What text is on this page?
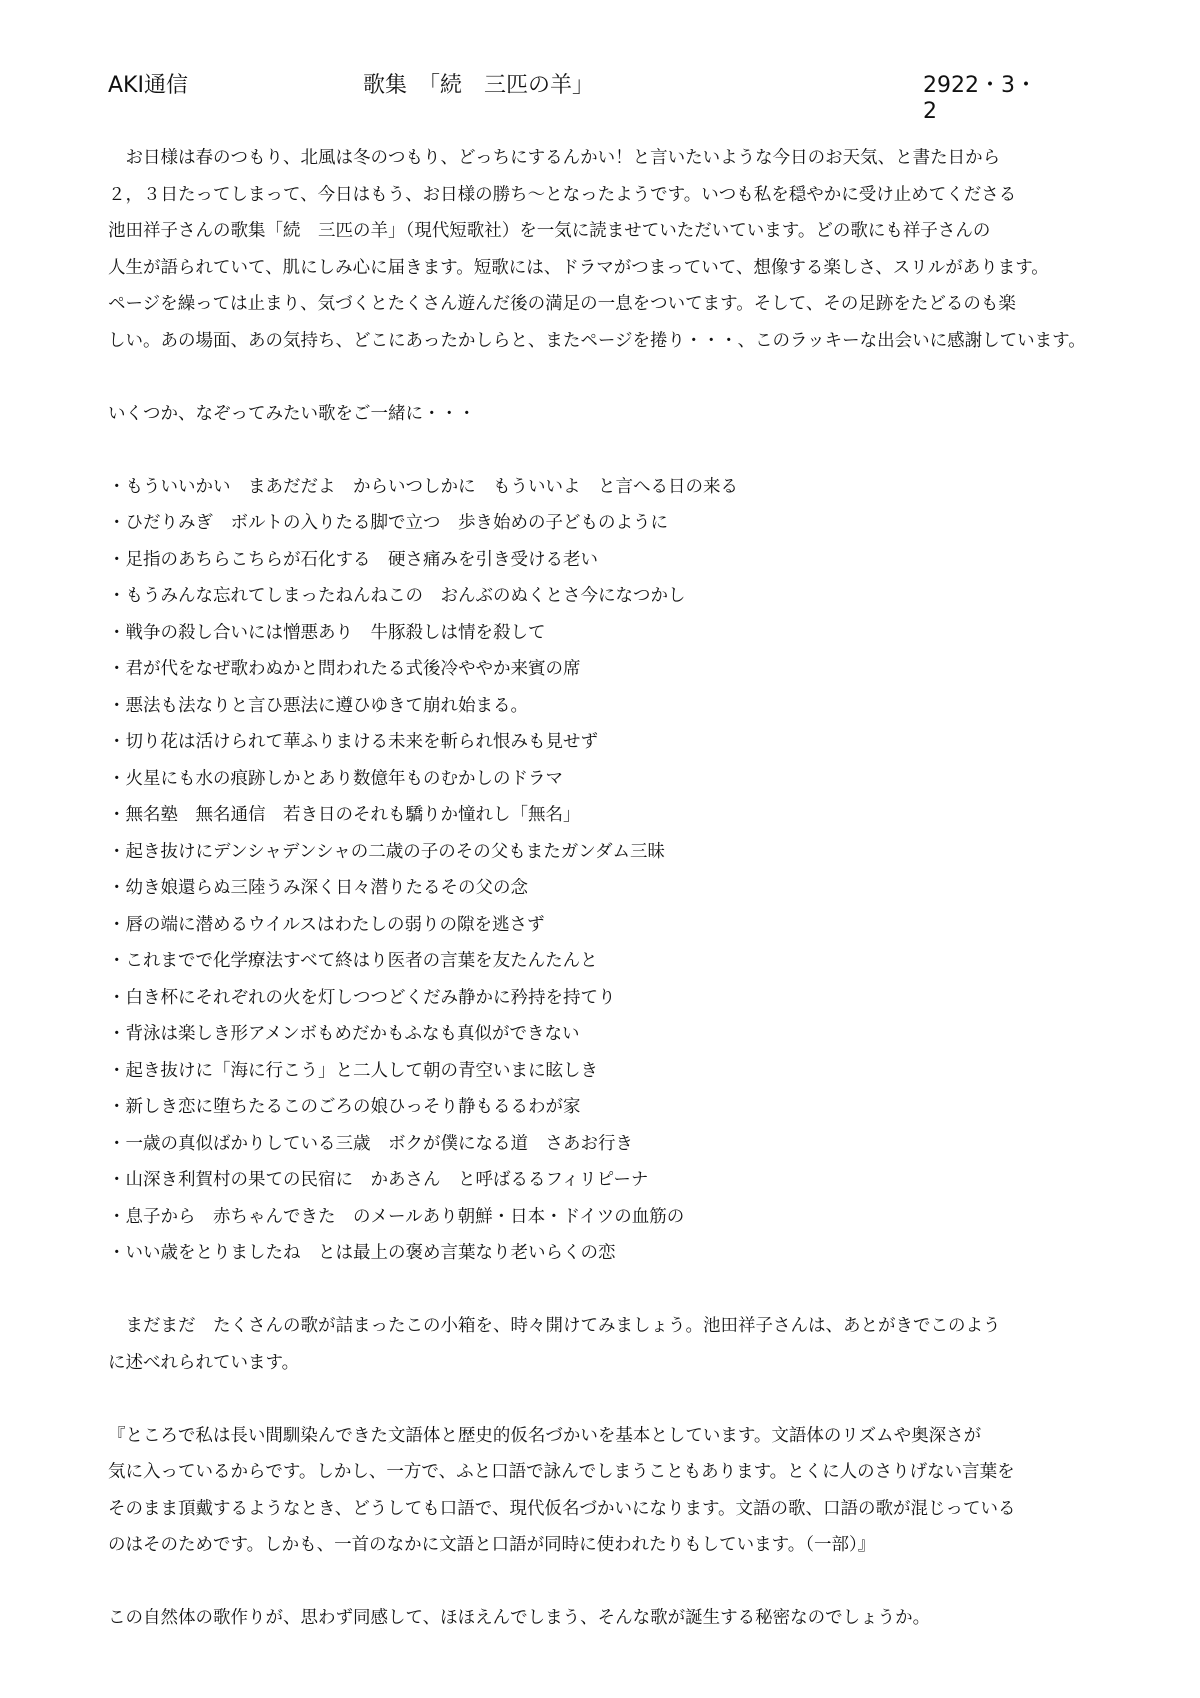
AKI通信	歌集　「続　三匹の羊」	2922・3・2
　お日様は春のつもり、北風は冬のつもり、どっちにするんかい！と言いたいような今日のお天気、と書た日から
２，３日たってしまって、今日はもう、お日様の勝ち～となったようです。いつも私を穏やかに受け止めてくださる
池田祥子さんの歌集「続　三匹の羊」（現代短歌社）を一気に読ませていただいています。どの歌にも祥子さんの
人生が語られていて、肌にしみ心に届きます。短歌には、ドラマがつまっていて、想像する楽しさ、スリルがあります。
ページを繰っては止まり、気づくとたくさん遊んだ後の満足の一息をついてます。そして、その足跡をたどるのも楽
しい。あの場面、あの気持ち、どこにあったかしらと、またページを捲り・・・、このラッキーな出会いに感謝しています。
いくつか、なぞってみたい歌をご一緒に・・・
・もういいかい　まあだだよ　からいつしかに　もういいよ　と言へる日の来る
・ひだりみぎ　ボルトの入りたる脚で立つ　歩き始めの子どものように
・足指のあちらこちらが石化する　硬さ痛みを引き受ける老い
・もうみんな忘れてしまったねんねこの　おんぶのぬくとさ今になつかし
・戦争の殺し合いには憎悪あり　牛豚殺しは情を殺して
・君が代をなぜ歌わぬかと問われたる式後冷ややか来賓の席
・悪法も法なりと言ひ悪法に遵ひゆきて崩れ始まる。
・切り花は活けられて華ふりまける未来を斬られ恨みも見せず
・火星にも水の痕跡しかとあり数億年ものむかしのドラマ
・無名塾　無名通信　若き日のそれも驕りか憧れし「無名」
・起き抜けにデンシャデンシャの二歳の子のその父もまたガンダム三昧
・幼き娘還らぬ三陸うみ深く日々潜りたるその父の念
・唇の端に潜めるウイルスはわたしの弱りの隙を逃さず
・これまでで化学療法すべて終はり医者の言葉を友たんたんと
・白き杯にそれぞれの火を灯しつつどくだみ静かに矜持を持てり
・背泳は楽しき形アメンボもめだかもふなも真似ができない
・起き抜けに「海に行こう」と二人して朝の青空いまに眩しき
・新しき恋に堕ちたるこのごろの娘ひっそり静もるるわが家
・一歳の真似ばかりしている三歳　ボクが僕になる道　さあお行き
・山深き利賀村の果ての民宿に　かあさん　と呼ばるるフィリピーナ
・息子から　赤ちゃんできた　のメールあり朝鮮・日本・ドイツの血筋の
・いい歳をとりましたね　とは最上の褒め言葉なり老いらくの恋
　まだまだ　たくさんの歌が詰まったこの小箱を、時々開けてみましょう。池田祥子さんは、あとがきでこのよう
に述べれられています。
『ところで私は長い間馴染んできた文語体と歴史的仮名づかいを基本としています。文語体のリズムや奥深さが
気に入っているからです。しかし、一方で、ふと口語で詠んでしまうこともあります。とくに人のさりげない言葉を
そのまま頂戴するようなとき、どうしても口語で、現代仮名づかいになります。文語の歌、口語の歌が混じっている
のはそのためです。しかも、一首のなかに文語と口語が同時に使われたりもしています。（一部）』
この自然体の歌作りが、思わず同感して、ほほえんでしまう、そんな歌が誕生する秘密なのでしょうか。
